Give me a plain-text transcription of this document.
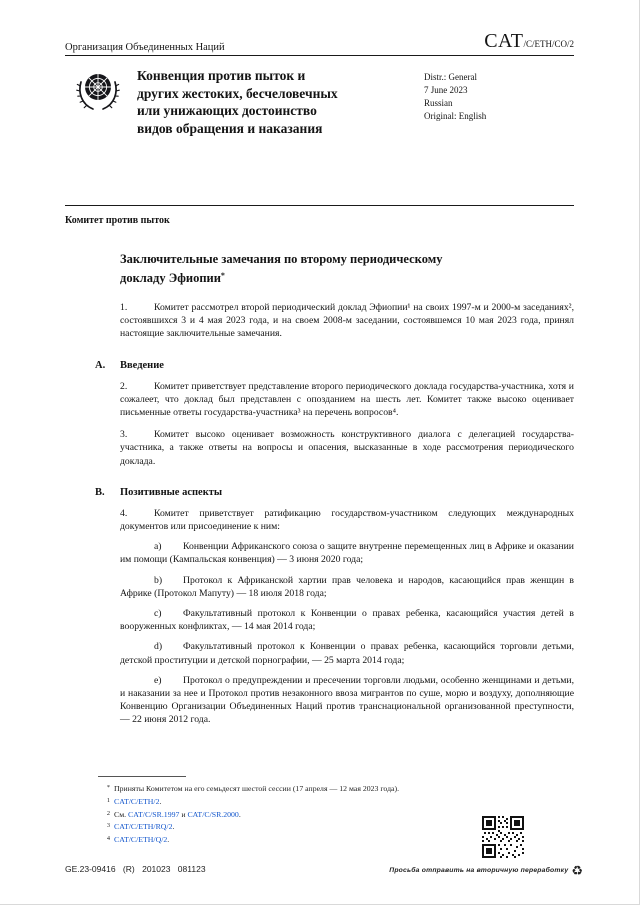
Организация Объединенных Наций	CAT/C/ETH/CO/2
Конвенция против пыток и
других жестоких, бесчеловечных
или унижающих достоинство
видов обращения и наказания
Distr.: General
7 June 2023
Russian
Original: English
Комитет против пыток
Заключительные замечания по второму периодическому
докладу Эфиопии*

1.	Комитет рассмотрел второй периодический доклад Эфиопии¹ на своих 1997-м и 2000-м заседаниях², состоявшихся 3 и 4 мая 2023 года, и на своем 2008-м заседании, состоявшемся 10 мая 2023 года, принял настоящие заключительные замечания.

A.	Введение

2.	Комитет приветствует представление второго периодического доклада государства-участника, хотя и сожалеет, что доклад был представлен с опозданием на шесть лет. Комитет также высоко оценивает письменные ответы государства-участника³ на перечень вопросов⁴.

3.	Комитет высоко оценивает возможность конструктивного диалога с делегацией государства-участника, а также ответы на вопросы и опасения, высказанные в ходе рассмотрения периодического доклада.

B.	Позитивные аспекты

4.	Комитет приветствует ратификацию государством-участником следующих международных документов или присоединение к ним:

a) Конвенции Африканского союза о защите внутренне перемещенных лиц в Африке и оказании им помощи (Кампальская конвенция) — 3 июня 2020 года;

b) Протокол к Африканской хартии прав человека и народов, касающийся прав женщин в Африке (Протокол Мапуту) — 18 июля 2018 года;

c) Факультативный протокол к Конвенции о правах ребенка, касающийся участия детей в вооруженных конфликтах, — 14 мая 2014 года;

d) Факультативный протокол к Конвенции о правах ребенка, касающийся торговли детьми, детской проституции и детской порнографии, — 25 марта 2014 года;

e) Протокол о предупреждении и пресечении торговли людьми, особенно женщинами и детьми, и наказании за нее и Протокол против незаконного ввоза мигрантов по суше, морю и воздуху, дополняющие Конвенцию Организации Объединенных Наций против транснациональной организованной преступности, — 22 июня 2012 года.

* Приняты Комитетом на его семьдесят шестой сессии (17 апреля — 12 мая 2023 года).
1 CAT/C/ETH/2.
2 См. CAT/C/SR.1997 и CAT/C/SR.2000.
3 CAT/C/ETH/RQ/2.
4 CAT/C/ETH/Q/2.
GE.23-09416 (R) 201023 081123	Просьба отправить на вторичную переработку ♻
